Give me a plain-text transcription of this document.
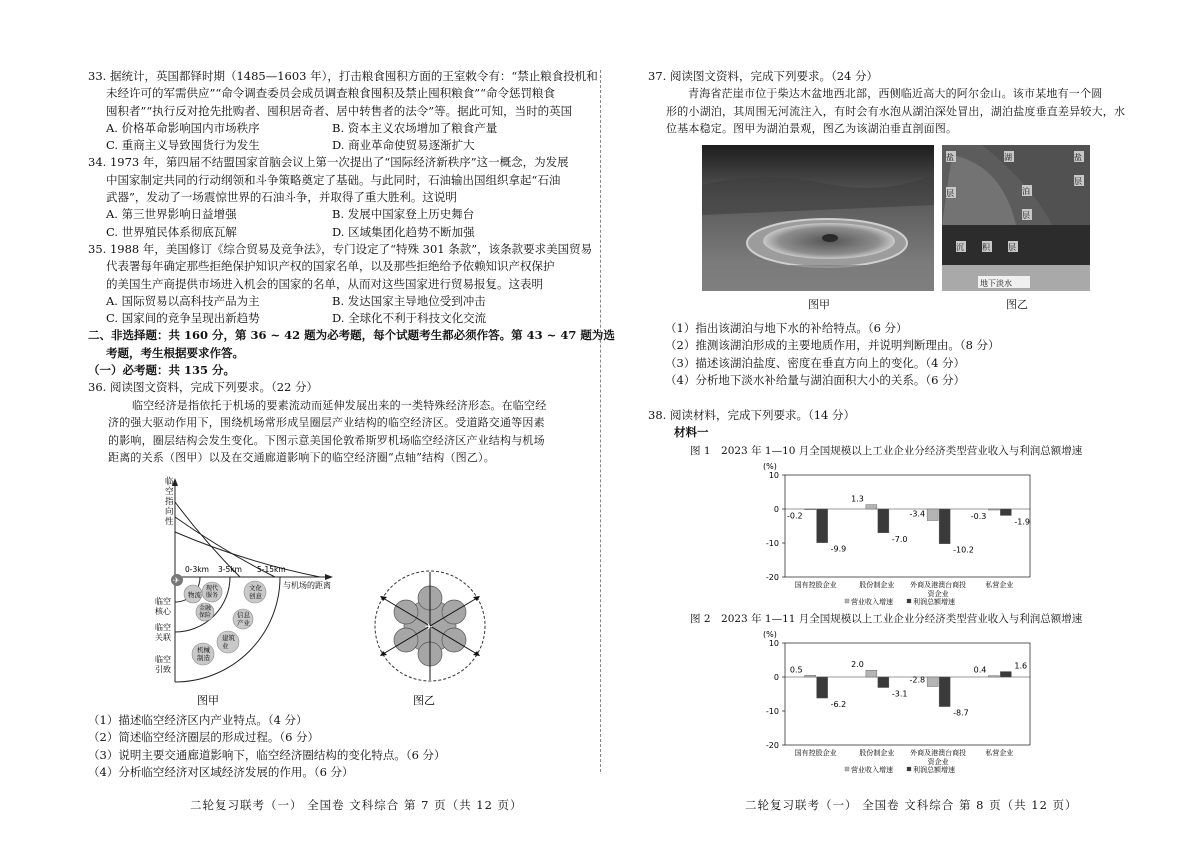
33. 据统计，英国都铎时期（1485—1603 年），打击粮食囤积方面的王室敕令有：“禁止粮食投机和
未经许可的军需供应”“命令调查委员会成员调查粮食囤积及禁止囤积粮食”“命令惩罚粮食
囤积者”“执行反对抢先批购者、囤积居奇者、居中转售者的法令”等。据此可知，当时的英国
A. 价格革命影响国内市场秩序	B. 资本主义农场增加了粮食产量
C. 重商主义导致囤货行为发生	D. 商业革命使贸易逐渐扩大
34. 1973 年，第四届不结盟国家首脑会议上第一次提出了“国际经济新秩序”这一概念，为发展
中国家制定共同的行动纲领和斗争策略奠定了基础。与此同时，石油输出国组织拿起“石油
武器”，发动了一场震惊世界的石油斗争，并取得了重大胜利。这说明
A. 第三世界影响日益增强	B. 发展中国家登上历史舞台
C. 世界殖民体系彻底瓦解	D. 区域集团化趋势不断加强
35. 1988 年，美国修订《综合贸易及竞争法》，专门设定了“特殊 301 条款”，该条款要求美国贸易
代表署每年确定那些拒绝保护知识产权的国家名单，以及那些拒绝给予依赖知识产权保护
的美国生产商提供市场进入机会的国家的名单，从而对这些国家进行贸易报复。这表明
A. 国际贸易以高科技产品为主	B. 发达国家主导地位受到冲击
C. 国家间的竞争呈现出新趋势	D. 全球化不利于科技文化交流
二、非选择题：共 160 分，第 36 ~ 42 题为必考题，每个试题考生都必须作答。第 43 ~ 47 题为选
考题，考生根据要求作答。
（一）必考题：共 135 分。
36. 阅读图文资料，完成下列要求。（22 分）
临空经济是指依托于机场的要素流动而延伸发展出来的一类特殊经济形态。在临空经
济的强大驱动作用下，围绕机场常形成呈圈层产业结构的临空经济区。受道路交通等因素
的影响，圈层结构会发生变化。下图示意美国伦敦希斯罗机场临空经济区产业结构与机场
距离的关系（图甲）以及在交通廊道影响下的临空经济圈“点轴”结构（图乙）。
临空指向性
0-3km 3-5km 5-15km
与机场的距离
✈
临空核心
临空关联
临空引致
物流
现代服务
金融保险
文化创意
信息产业
机械制造
建筑业
图甲
✈
图乙
（1）描述临空经济区内产业特点。（4 分）
（2）简述临空经济圈层的形成过程。（6 分）
（3）说明主要交通廊道影响下，临空经济圈结构的变化特点。（6 分）
（4）分析临空经济对区域经济发展的作用。（6 分）
37. 阅读图文资料，完成下列要求。（24 分）
青海省茫崖市位于柴达木盆地西北部，西侧临近高大的阿尔金山。该市某地有一个圆
形的小湖泊，其周围无河流注入，有时会有水泡从湖泊深处冒出，湖泊盐度垂直差异较大，水
位基本稳定。图甲为湖泊景观，图乙为该湖泊垂直剖面图。
盐
层
湖
泊
层
盐
层
沉 积 层
地下淡水
图甲	图乙
（1）指出该湖泊与地下水的补给特点。（6 分）
（2）推测该湖泊形成的主要地质作用，并说明判断理由。（8 分）
（3）描述该湖泊盐度、密度在垂直方向上的变化。（4 分）
（4）分析地下淡水补给量与湖泊面积大小的关系。（6 分）
38. 阅读材料，完成下列要求。（14 分）
材料一
图 1　2023 年 1—10 月全国规模以上工业企业分经济类型营业收入与利润总额增速
(%)
10
0
-10
-20
-0.2
-9.9
国有控股企业
1.3
-7.0
股份制企业
-3.4
-10.2
外商及港澳台商投
资企业
-0.3
-1.9
私营企业
营业收入增速	利润总额增速
图 2　2023 年 1—11 月全国规模以上工业企业分经济类型营业收入与利润总额增速
(%)
10
0
-10
-20
0.5
-6.2
国有控股企业
2.0
-3.1
股份制企业
-2.8
-8.7
外商及港澳台商投
资企业
0.4	1.6
私营企业
营业收入增速	利润总额增速
二轮复习联考（一） 全国卷 文科综合 第 7 页（共 12 页）	二轮复习联考（一） 全国卷 文科综合 第 8 页（共 12 页）
